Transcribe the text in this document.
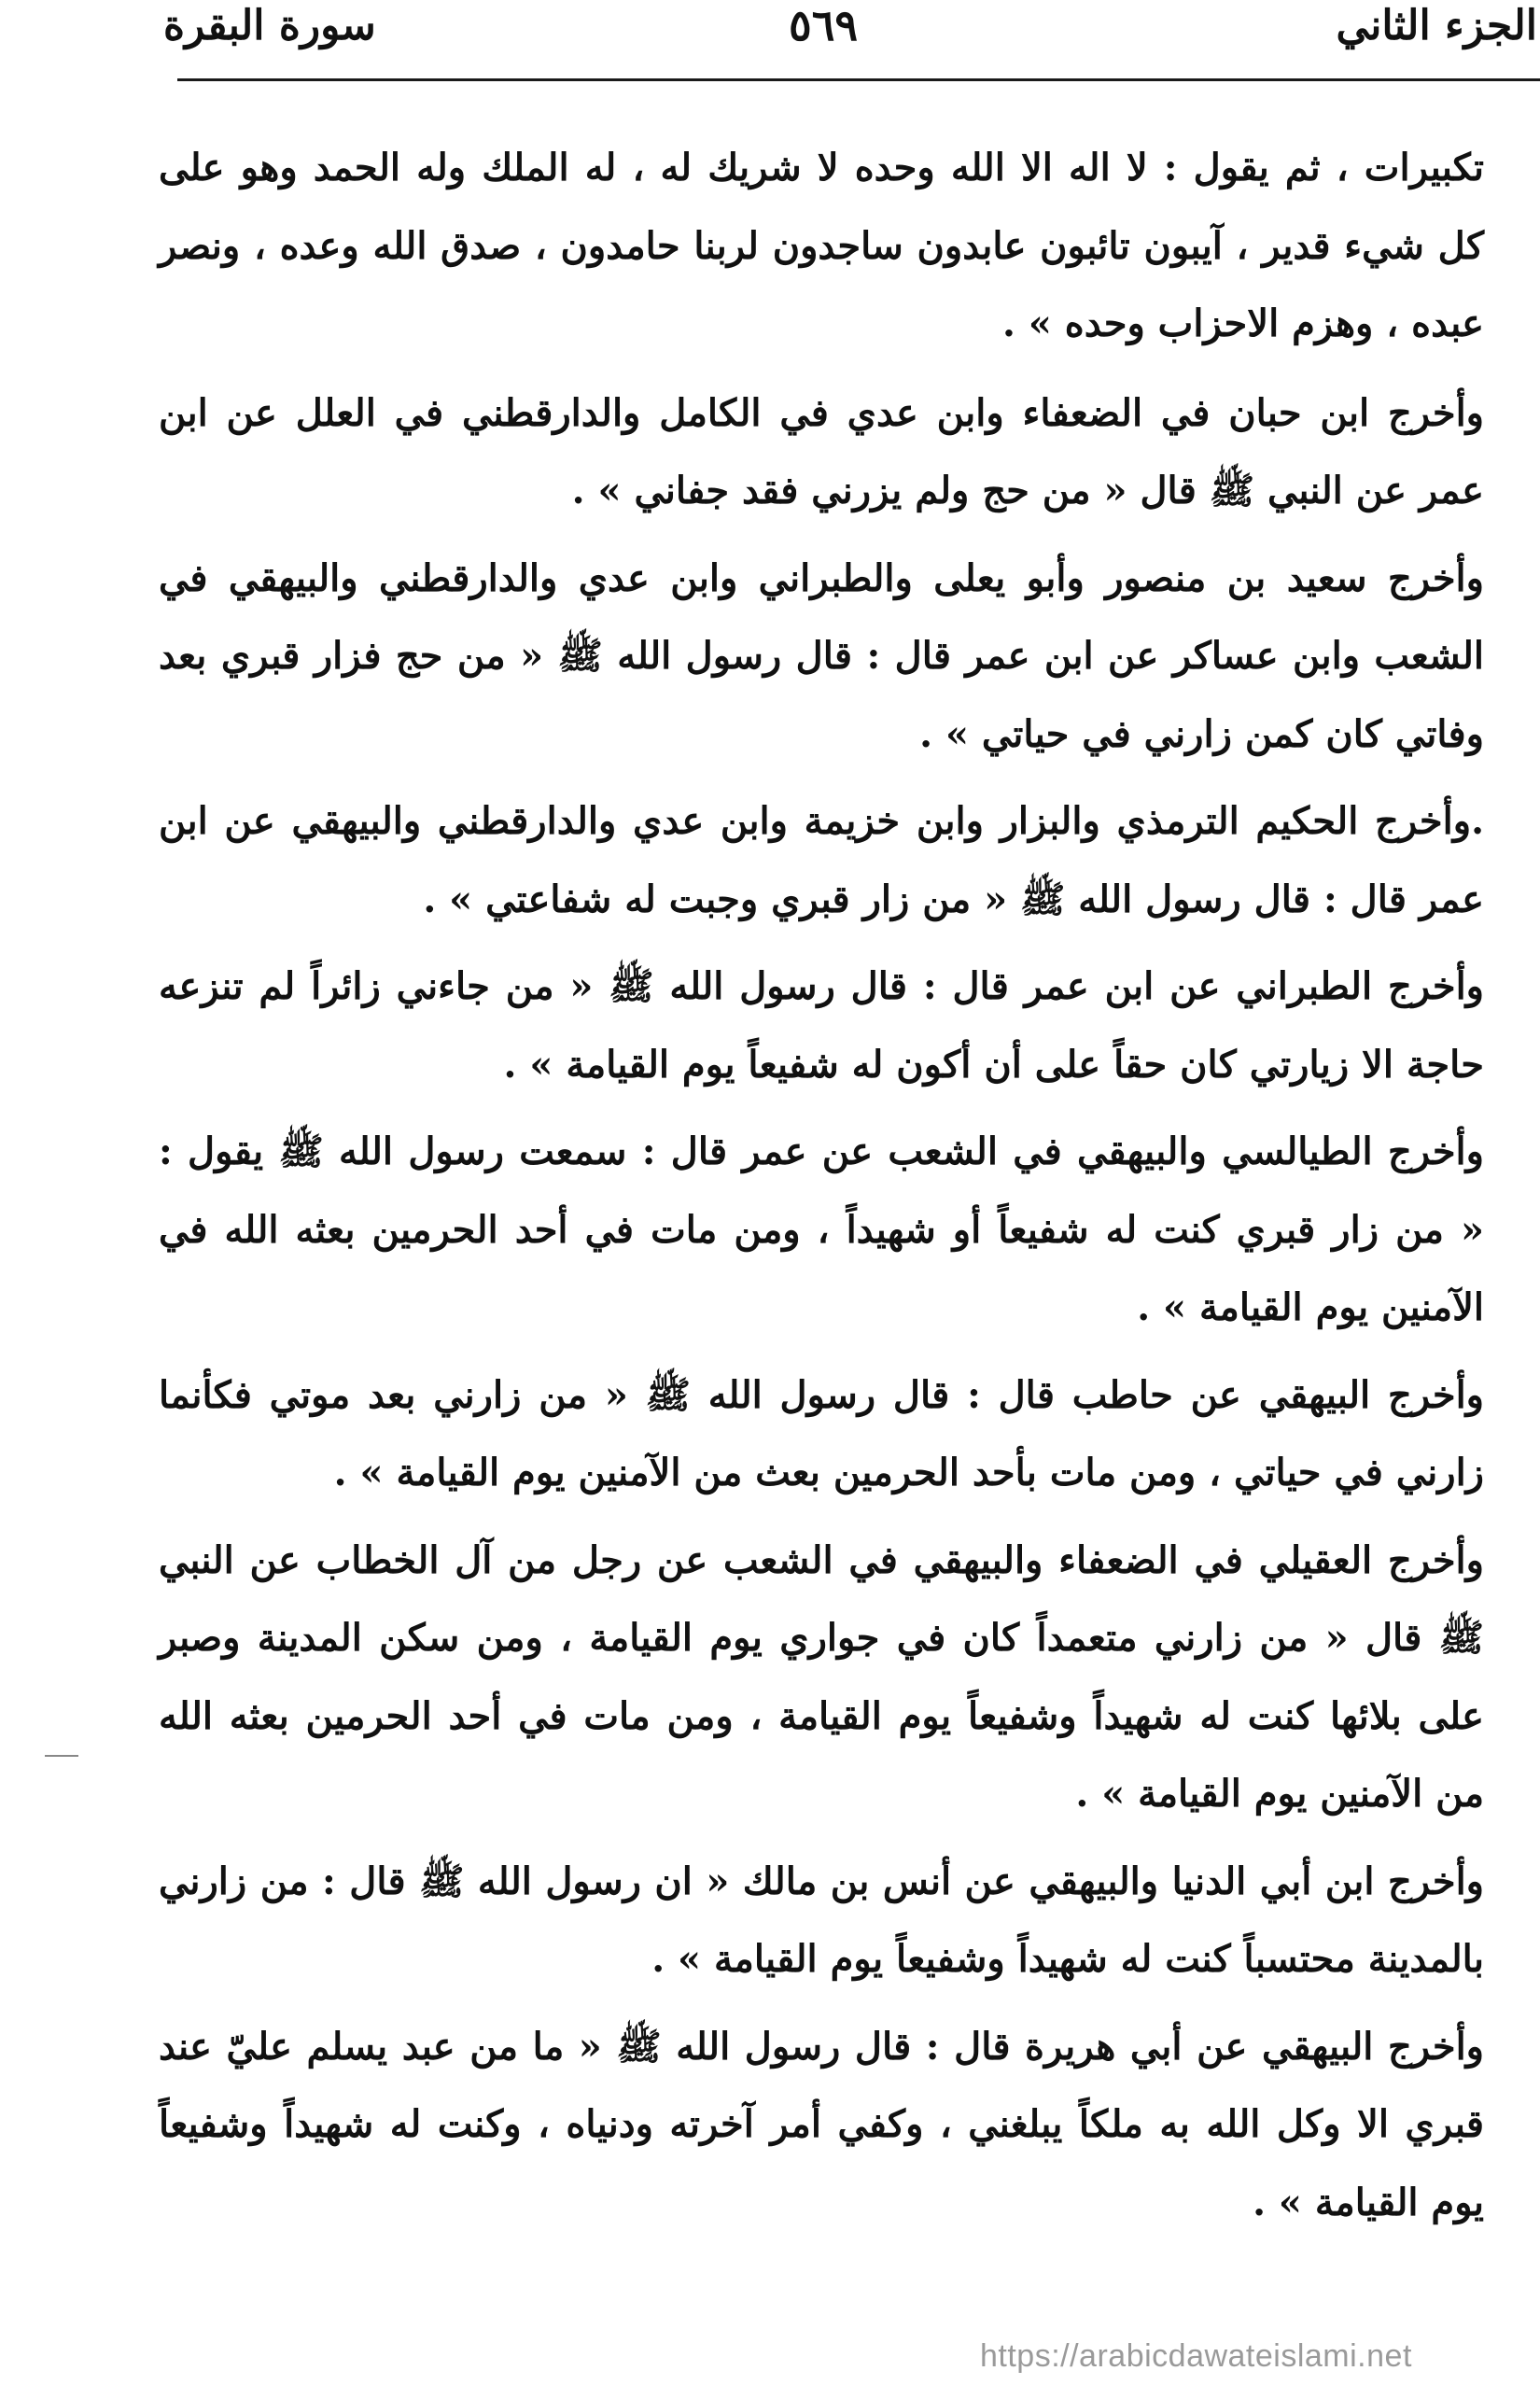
الجزء الثاني
٥٦٩
سورة البقرة

تكبيرات ، ثم يقول : لا اله الا الله وحده لا شريك له ، له الملك وله الحمد وهو على كل شيء قدير ، آيبون تائبون عابدون ساجدون لربنا حامدون ، صدق الله وعده ، ونصر عبده ، وهزم الاحزاب وحده » .

وأخرج ابن حبان في الضعفاء وابن عدي في الكامل والدارقطني في العلل عن ابن عمر عن النبي ﷺ قال « من حج ولم يزرني فقد جفاني » .

وأخرج سعيد بن منصور وأبو يعلى والطبراني وابن عدي والدارقطني والبيهقي في الشعب وابن عساكر عن ابن عمر قال : قال رسول الله ﷺ « من حج فزار قبري بعد وفاتي كان كمن زارني في حياتي » .

.وأخرج الحكيم الترمذي والبزار وابن خزيمة وابن عدي والدارقطني والبيهقي عن ابن عمر قال : قال رسول الله ﷺ « من زار قبري وجبت له شفاعتي » .

وأخرج الطبراني عن ابن عمر قال : قال رسول الله ﷺ « من جاءني زائراً لم تنزعه حاجة الا زيارتي كان حقاً على أن أكون له شفيعاً يوم القيامة » .

وأخرج الطيالسي والبيهقي في الشعب عن عمر قال : سمعت رسول الله ﷺ يقول : « من زار قبري كنت له شفيعاً أو شهيداً ، ومن مات في أحد الحرمين بعثه الله في الآمنين يوم القيامة » .

وأخرج البيهقي عن حاطب قال : قال رسول الله ﷺ « من زارني بعد موتي فكأنما زارني في حياتي ، ومن مات بأحد الحرمين بعث من الآمنين يوم القيامة » .

وأخرج العقيلي في الضعفاء والبيهقي في الشعب عن رجل من آل الخطاب عن النبي ﷺ قال « من زارني متعمداً كان في جواري يوم القيامة ، ومن سكن المدينة وصبر على بلائها كنت له شهيداً وشفيعاً يوم القيامة ، ومن مات في أحد الحرمين بعثه الله من الآمنين يوم القيامة » .

وأخرج ابن أبي الدنيا والبيهقي عن أنس بن مالك « ان رسول الله ﷺ قال : من زارني بالمدينة محتسباً كنت له شهيداً وشفيعاً يوم القيامة » .

وأخرج البيهقي عن أبي هريرة قال : قال رسول الله ﷺ « ما من عبد يسلم عليّ عند قبري الا وكل الله به ملكاً يبلغني ، وكفي أمر آخرته ودنياه ، وكنت له شهيداً وشفيعاً يوم القيامة » .

https://arabicdawateislami.net
